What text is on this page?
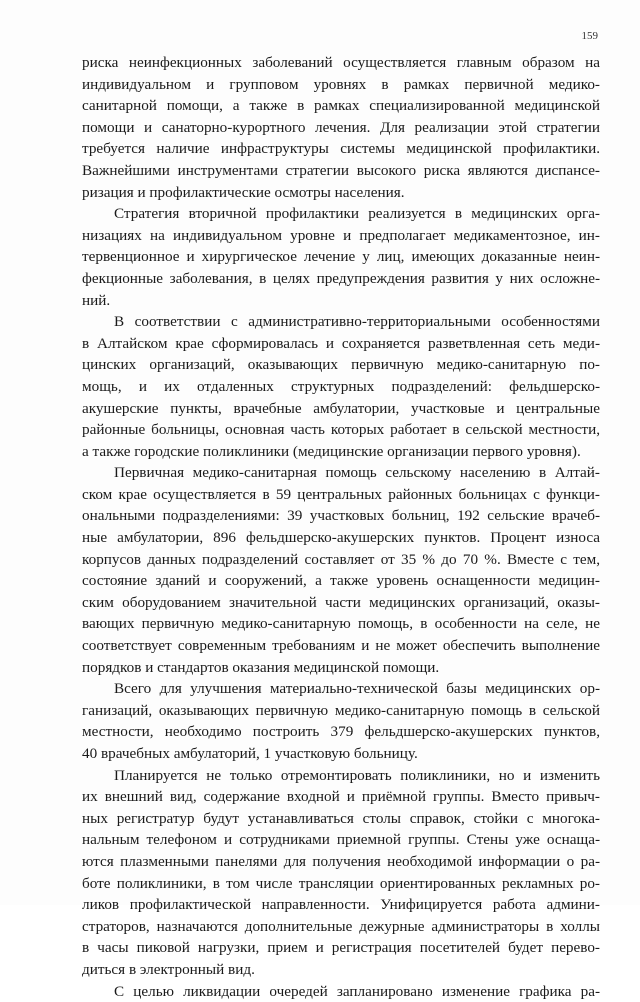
159
риска неинфекционных заболеваний осуществляется главным образом на
индивидуальном и групповом уровнях в рамках первичной медико-
санитарной помощи, а также в рамках специализированной медицинской
помощи и санаторно-курортного лечения. Для реализации этой стратегии
требуется наличие инфраструктуры системы медицинской профилактики.
Важнейшими инструментами стратегии высокого риска являются диспансе-
ризация и профилактические осмотры населения.
Стратегия вторичной профилактики реализуется в медицинских орга-
низациях на индивидуальном уровне и предполагает медикаментозное, ин-
тервенционное и хирургическое лечение у лиц, имеющих доказанные неин-
фекционные заболевания, в целях предупреждения развития у них осложне-
ний.
В соответствии с административно-территориальными особенностями
в Алтайском крае сформировалась и сохраняется разветвленная сеть меди-
цинских организаций, оказывающих первичную медико-санитарную по-
мощь, и их отдаленных структурных подразделений: фельдшерско-
акушерские пункты, врачебные амбулатории, участковые и центральные
районные больницы, основная часть которых работает в сельской местности,
а также городские поликлиники (медицинские организации первого уровня).
Первичная медико-санитарная помощь сельскому населению в Алтай-
ском крае осуществляется в 59 центральных районных больницах с функци-
ональными подразделениями: 39 участковых больниц, 192 сельские врачеб-
ные амбулатории, 896 фельдшерско-акушерских пунктов. Процент износа
корпусов данных подразделений составляет от 35 % до 70 %. Вместе с тем,
состояние зданий и сооружений, а также уровень оснащенности медицин-
ским оборудованием значительной части медицинских организаций, оказы-
вающих первичную медико-санитарную помощь, в особенности на селе, не
соответствует современным требованиям и не может обеспечить выполнение
порядков и стандартов оказания медицинской помощи.
Всего для улучшения материально-технической базы медицинских ор-
ганизаций, оказывающих первичную медико-санитарную помощь в сельской
местности, необходимо построить 379 фельдшерско-акушерских пунктов,
40 врачебных амбулаторий, 1 участковую больницу.
Планируется не только отремонтировать поликлиники, но и изменить
их внешний вид, содержание входной и приёмной группы. Вместо привыч-
ных регистратур будут устанавливаться столы справок, стойки с многока-
нальным телефоном и сотрудниками приемной группы. Стены уже оснаща-
ются плазменными панелями для получения необходимой информации о ра-
боте поликлиники, в том числе трансляции ориентированных рекламных ро-
ликов профилактической направленности. Унифицируется работа админи-
страторов, назначаются дополнительные дежурные администраторы в холлы
в часы пиковой нагрузки, прием и регистрация посетителей будет перево-
диться в электронный вид.
С целью ликвидации очередей запланировано изменение графика ра-
